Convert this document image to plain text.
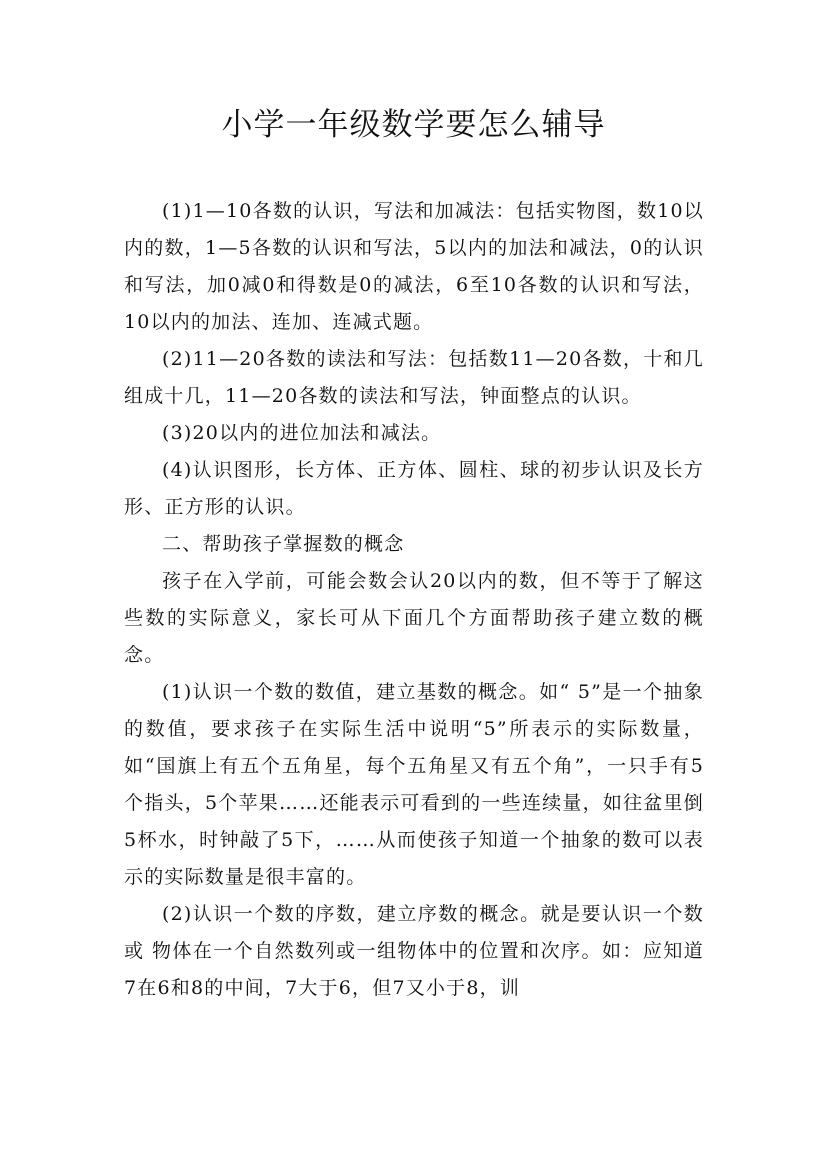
小学一年级数学要怎么辅导

(1)1—10各数的认识，写法和加减法：包括实物图，数10以内的数，1—5各数的认识和写法，5以内的加法和减法，0的认识和写法，加0减0和得数是0的减法，6至10各数的认识和写法，10以内的加法、连加、连减式题。

(2)11—20各数的读法和写法：包括数11—20各数，十和几组成十几，11—20各数的读法和写法，钟面整点的认识。

(3)20以内的进位加法和减法。

(4)认识图形，长方体、正方体、圆柱、球的初步认识及长方形、正方形的认识。

二、帮助孩子掌握数的概念

孩子在入学前，可能会数会认20以内的数，但不等于了解这些数的实际意义，家长可从下面几个方面帮助孩子建立数的概念。

(1)认识一个数的数值，建立基数的概念。如“ 5”是一个抽象的数值，要求孩子在实际生活中说明“5”所表示的实际数量，如“国旗上有五个五角星，每个五角星又有五个角”，一只手有5个指头，5个苹果……还能表示可看到的一些连续量，如往盆里倒5杯水，时钟敲了5下，……从而使孩子知道一个抽象的数可以表示的实际数量是很丰富的。

(2)认识一个数的序数，建立序数的概念。就是要认识一个数或 物体在一个自然数列或一组物体中的位置和次序。如：应知道7在6和8的中间，7大于6，但7又小于8，训
